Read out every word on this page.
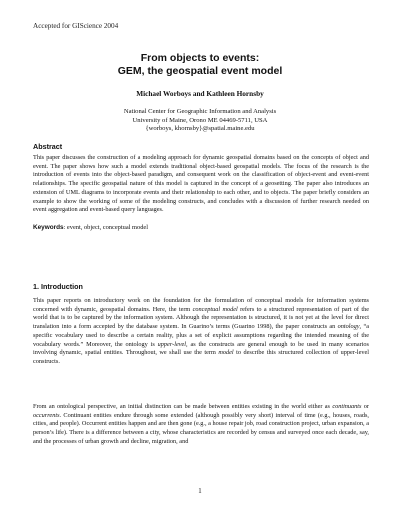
Accepted for GIScience 2004
From objects to events:
GEM, the geospatial event model
Michael Worboys and Kathleen Hornsby
National Center for Geographic Information and Analysis
University of Maine, Orono ME 04469-5711, USA
{worboys, khornsby}@spatial.maine.edu
Abstract
This paper discusses the construction of a modeling approach for dynamic geospatial domains based on the concepts of object and event. The paper shows how such a model extends traditional object-based geospatial models. The focus of the research is the introduction of events into the object-based paradigm, and consequent work on the classification of object-event and event-event relationships. The specific geospatial nature of this model is captured in the concept of a geosetting. The paper also introduces an extension of UML diagrams to incorporate events and their relationship to each other, and to objects. The paper briefly considers an example to show the working of some of the modeling constructs, and concludes with a discussion of further research needed on event aggregation and event-based query languages.
Keywords: event, object, conceptual model
1. Introduction
This paper reports on introductory work on the foundation for the formulation of conceptual models for information systems concerned with dynamic, geospatial domains. Here, the term conceptual model refers to a structured representation of part of the world that is to be captured by the information system. Although the representation is structured, it is not yet at the level for direct translation into a form accepted by the database system. In Guarino’s terms (Guarino 1998), the paper constructs an ontology, “a specific vocabulary used to describe a certain reality, plus a set of explicit assumptions regarding the intended meaning of the vocabulary words.” Moreover, the ontology is upper-level, as the constructs are general enough to be used in many scenarios involving dynamic, spatial entities. Throughout, we shall use the term model to describe this structured collection of upper-level constructs.
From an ontological perspective, an initial distinction can be made between entities existing in the world either as continuants or occurrents. Continuant entities endure through some extended (although possibly very short) interval of time (e.g., houses, roads, cities, and people). Occurrent entities happen and are then gone (e.g., a house repair job, road construction project, urban expansion, a person’s life). There is a difference between a city, whose characteristics are recorded by census and surveyed once each decade, say, and the processes of urban growth and decline, migration, and
1
